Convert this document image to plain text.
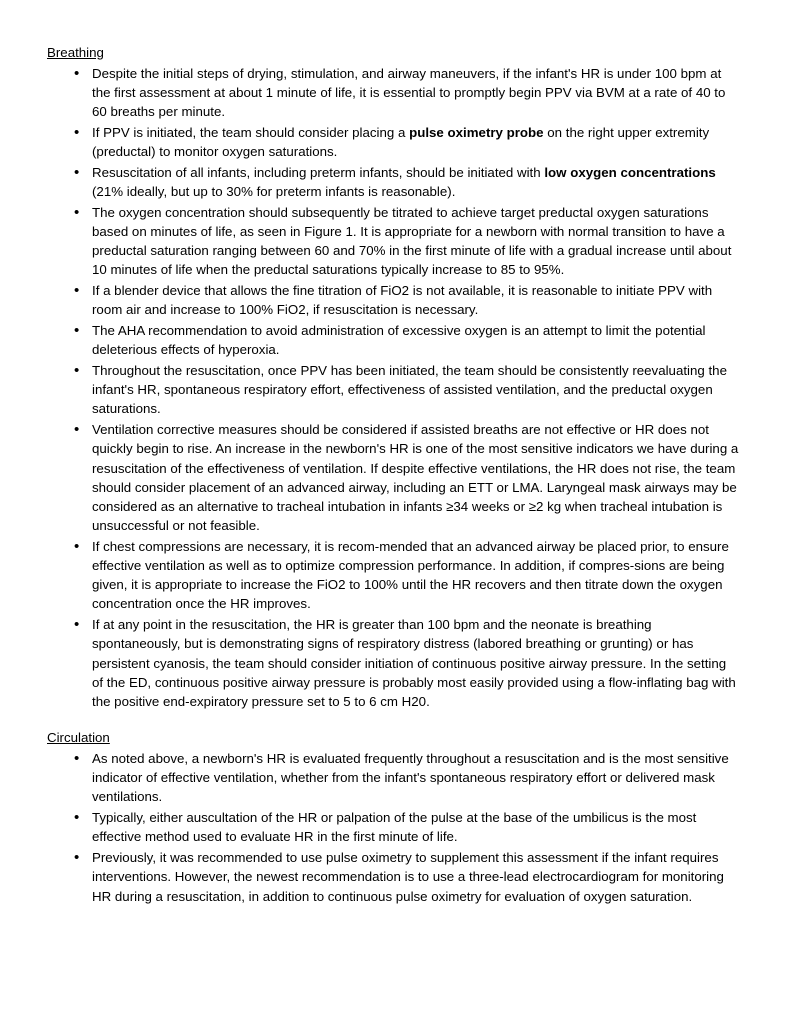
Breathing
• Despite the initial steps of drying, stimulation, and airway maneuvers, if the infant's HR is under 100 bpm at the first assessment at about 1 minute of life, it is essential to promptly begin PPV via BVM at a rate of 40 to 60 breaths per minute.
• If PPV is initiated, the team should consider placing a pulse oximetry probe on the right upper extremity (preductal) to monitor oxygen saturations.
• Resuscitation of all infants, including preterm infants, should be initiated with low oxygen concentrations (21% ideally, but up to 30% for preterm infants is reasonable).
• The oxygen concentration should subsequently be titrated to achieve target preductal oxygen saturations based on minutes of life, as seen in Figure 1. It is appropriate for a newborn with normal transition to have a preductal saturation ranging between 60 and 70% in the first minute of life with a gradual increase until about 10 minutes of life when the preductal saturations typically increase to 85 to 95%.
• If a blender device that allows the fine titration of FiO2 is not available, it is reasonable to initiate PPV with room air and increase to 100% FiO2, if resuscitation is necessary.
• The AHA recommendation to avoid administration of excessive oxygen is an attempt to limit the potential deleterious effects of hyperoxia.
• Throughout the resuscitation, once PPV has been initiated, the team should be consistently reevaluating the infant's HR, spontaneous respiratory effort, effectiveness of assisted ventilation, and the preductal oxygen saturations.
• Ventilation corrective measures should be considered if assisted breaths are not effective or HR does not quickly begin to rise. An increase in the newborn's HR is one of the most sensitive indicators we have during a resuscitation of the effectiveness of ventilation. If despite effective ventilations, the HR does not rise, the team should consider placement of an advanced airway, including an ETT or LMA. Laryngeal mask airways may be considered as an alternative to tracheal intubation in infants ≥34 weeks or ≥2 kg when tracheal intubation is unsuccessful or not feasible.
• If chest compressions are necessary, it is recom-mended that an advanced airway be placed prior, to ensure effective ventilation as well as to optimize compression performance. In addition, if compres-sions are being given, it is appropriate to increase the FiO2 to 100% until the HR recovers and then titrate down the oxygen concentration once the HR improves.
• If at any point in the resuscitation, the HR is greater than 100 bpm and the neonate is breathing spontaneously, but is demonstrating signs of respiratory distress (labored breathing or grunting) or has persistent cyanosis, the team should consider initiation of continuous positive airway pressure. In the setting of the ED, continuous positive airway pressure is probably most easily provided using a flow-inflating bag with the positive end-expiratory pressure set to 5 to 6 cm H20.
Circulation
• As noted above, a newborn's HR is evaluated frequently throughout a resuscitation and is the most sensitive indicator of effective ventilation, whether from the infant's spontaneous respiratory effort or delivered mask ventilations.
• Typically, either auscultation of the HR or palpation of the pulse at the base of the umbilicus is the most effective method used to evaluate HR in the first minute of life.
• Previously, it was recommended to use pulse oximetry to supplement this assessment if the infant requires interventions. However, the newest recommendation is to use a three-lead electrocardiogram for monitoring HR during a resuscitation, in addition to continuous pulse oximetry for evaluation of oxygen saturation.
